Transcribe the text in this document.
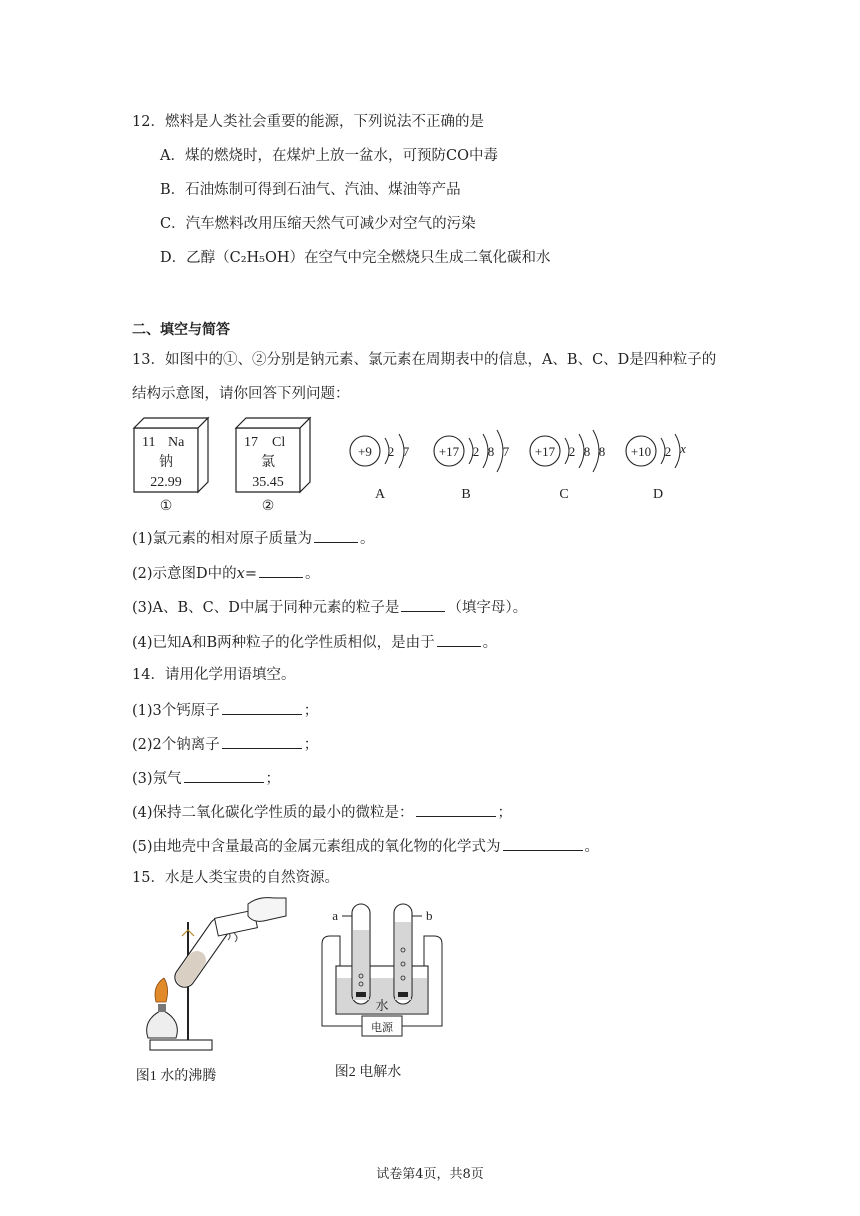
12．燃料是人类社会重要的能源，下列说法不正确的是
A．煤的燃烧时，在煤炉上放一盆水，可预防CO中毒
B．石油炼制可得到石油气、汽油、煤油等产品
C．汽车燃料改用压缩天然气可减少对空气的污染
D．乙醇（C₂H₅OH）在空气中完全燃烧只生成二氧化碳和水
二、填空与简答
13．如图中的①、②分别是钠元素、氯元素在周期表中的信息，A、B、C、D是四种粒子的
结构示意图，请你回答下列问题：
11 Na
钠
22.99
①
17 Cl
氯
35.45
②
+9 2 7
A
+17 2 8 7
B
+17 2 8 8
C
+10 2 x
D
(1)氯元素的相对原子质量为	。
(2)示意图D中的x=	。
(3)A、B、C、D中属于同种元素的粒子是	（填字母）。
(4)已知A和B两种粒子的化学性质相似，是由于	。
14．请用化学用语填空。
(1)3个钙原子	；
(2)2个钠离子	；
(3)氖气	；
(4)保持二氧化碳化学性质的最小的微粒是：	；
(5)由地壳中含量最高的金属元素组成的氧化物的化学式为	。
15．水是人类宝贵的自然资源。
图1 水的沸腾
a	b
水
电源
图2 电解水
试卷第4页，共8页
